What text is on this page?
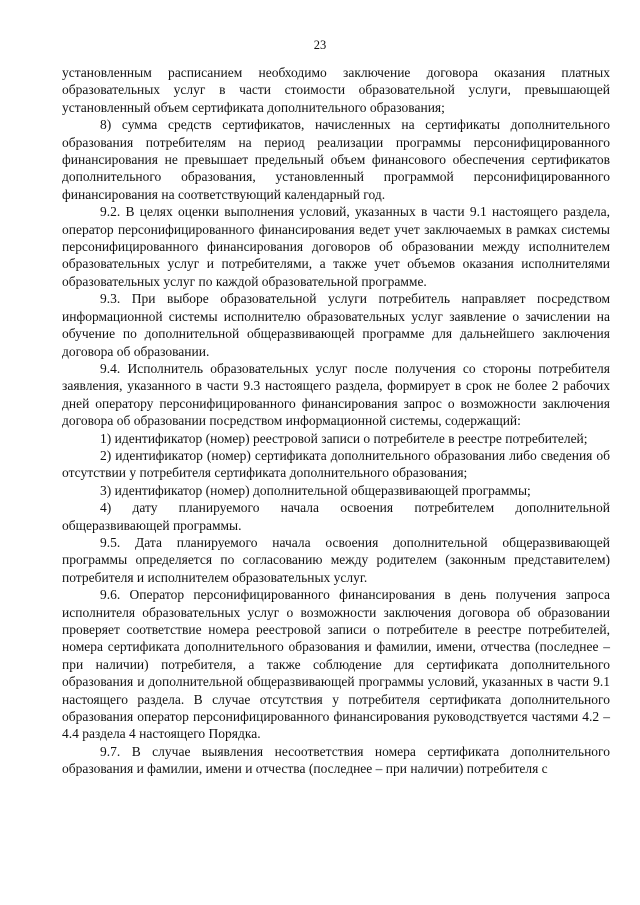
23

установленным расписанием необходимо заключение договора оказания платных образовательных услуг в части стоимости образовательной услуги, превышающей установленный объем сертификата дополнительного образования;

8) сумма средств сертификатов, начисленных на сертификаты дополнительного образования потребителям на период реализации программы персонифицированного финансирования не превышает предельный объем финансового обеспечения сертификатов дополнительного образования, установленный программой персонифицированного финансирования на соответствующий календарный год.

9.2. В целях оценки выполнения условий, указанных в части 9.1 настоящего раздела, оператор персонифицированного финансирования ведет учет заключаемых в рамках системы персонифицированного финансирования договоров об образовании между исполнителем образовательных услуг и потребителями, а также учет объемов оказания исполнителями образовательных услуг по каждой образовательной программе.

9.3. При выборе образовательной услуги потребитель направляет посредством информационной системы исполнителю образовательных услуг заявление о зачислении на обучение по дополнительной общеразвивающей программе для дальнейшего заключения договора об образовании.

9.4. Исполнитель образовательных услуг после получения со стороны потребителя заявления, указанного в части 9.3 настоящего раздела, формирует в срок не более 2 рабочих дней оператору персонифицированного финансирования запрос о возможности заключения договора об образовании посредством информационной системы, содержащий:

1) идентификатор (номер) реестровой записи о потребителе в реестре потребителей;

2) идентификатор (номер) сертификата дополнительного образования либо сведения об отсутствии у потребителя сертификата дополнительного образования;

3) идентификатор (номер) дополнительной общеразвивающей программы;

4) дату планируемого начала освоения потребителем дополнительной общеразвивающей программы.

9.5. Дата планируемого начала освоения дополнительной общеразвивающей программы определяется по согласованию между родителем (законным представителем) потребителя и исполнителем образовательных услуг.

9.6. Оператор персонифицированного финансирования в день получения запроса исполнителя образовательных услуг о возможности заключения договора об образовании проверяет соответствие номера реестровой записи о потребителе в реестре потребителей, номера сертификата дополнительного образования и фамилии, имени, отчества (последнее – при наличии) потребителя, а также соблюдение для сертификата дополнительного образования и дополнительной общеразвивающей программы условий, указанных в части 9.1 настоящего раздела. В случае отсутствия у потребителя сертификата дополнительного образования оператор персонифицированного финансирования руководствуется частями 4.2 – 4.4 раздела 4 настоящего Порядка.

9.7. В случае выявления несоответствия номера сертификата дополнительного образования и фамилии, имени и отчества (последнее – при наличии) потребителя с
